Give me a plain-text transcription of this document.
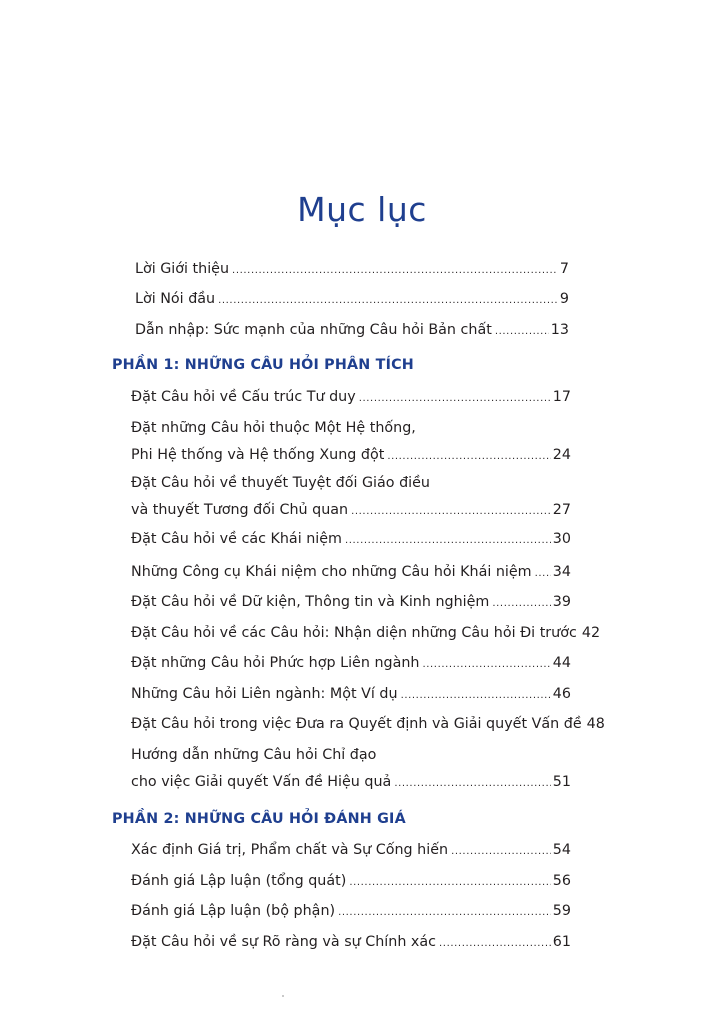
Mục lục
Lời Giới thiệu .....	7
Lời Nói đầu .....	9
Dẫn nhập: Sức mạnh của những Câu hỏi Bản chất .....	13
PHẦN 1: NHỮNG CÂU HỎI PHÂN TÍCH
Đặt Câu hỏi về Cấu trúc Tư duy .....	17
Đặt những Câu hỏi thuộc Một Hệ thống,
Phi Hệ thống và Hệ thống Xung đột .....	24
Đặt Câu hỏi về thuyết Tuyệt đối Giáo điều
và thuyết Tương đối Chủ quan .....	27
Đặt Câu hỏi về các Khái niệm .....	30
Những Công cụ Khái niệm cho những Câu hỏi Khái niệm ..... 34
Đặt Câu hỏi về Dữ kiện, Thông tin và Kinh nghiệm .....	39
Đặt Câu hỏi về các Câu hỏi: Nhận diện những Câu hỏi Đi trước 42
Đặt những Câu hỏi Phức hợp Liên ngành .....	44
Những Câu hỏi Liên ngành: Một Ví dụ .....	46
Đặt Câu hỏi trong việc Đưa ra Quyết định và Giải quyết Vấn đề 48
Hướng dẫn những Câu hỏi Chỉ đạo
cho việc Giải quyết Vấn đề Hiệu quả .....	51
PHẦN 2: NHỮNG CÂU HỎI ĐÁNH GIÁ
Xác định Giá trị, Phẩm chất và Sự Cống hiến .....	54
Đánh giá Lập luận (tổng quát) .....	56
Đánh giá Lập luận (bộ phận) .....	59
Đặt Câu hỏi về sự Rõ ràng và sự Chính xác .....	61
